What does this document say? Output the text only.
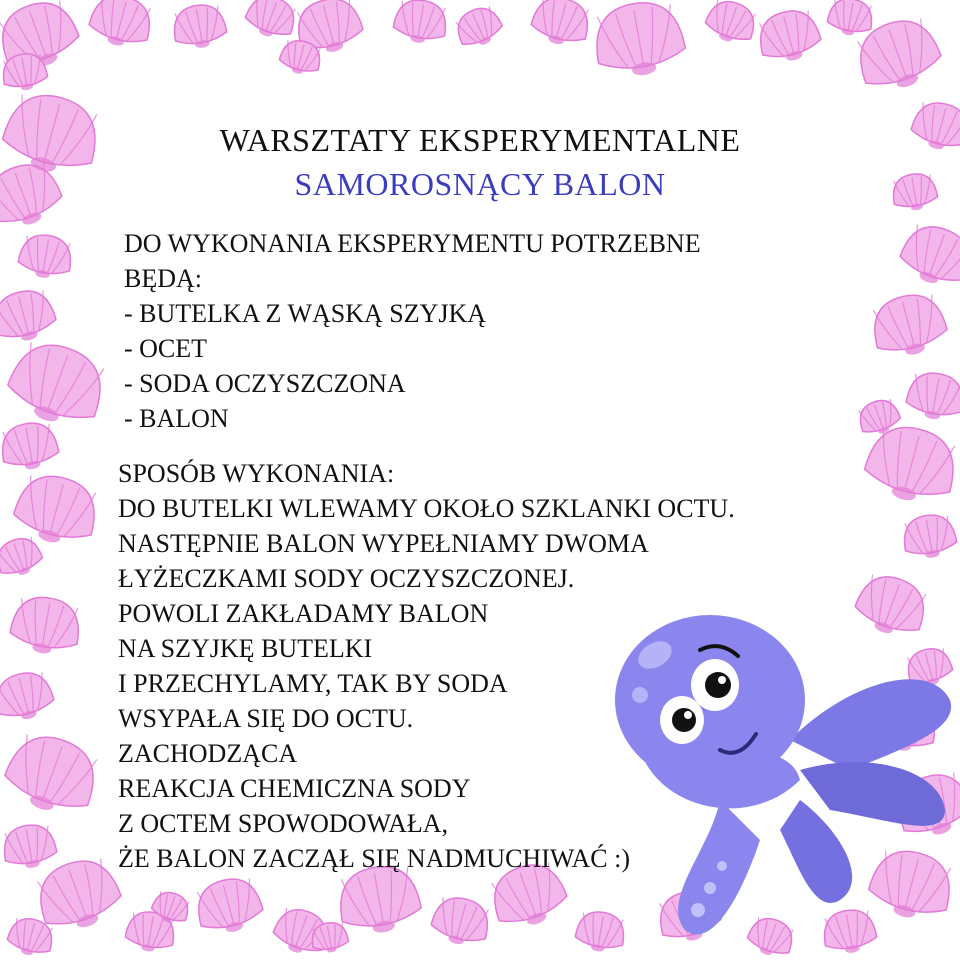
WARSZTATY EKSPERYMENTALNE
SAMOROSNĄCY BALON
DO WYKONANIA EKSPERYMENTU POTRZEBNE
BĘDĄ:
- BUTELKA Z WĄSKĄ SZYJKĄ
- OCET
- SODA OCZYSZCZONA
- BALON
SPOSÓB WYKONANIA:
DO BUTELKI WLEWAMY OKOŁO SZKLANKI OCTU.
NASTĘPNIE BALON WYPEŁNIAMY DWOMA
ŁYŻECZKAMI SODY OCZYSZCZONEJ.
POWOLI ZAKŁADAMY BALON
NA SZYJKĘ BUTELKI
I PRZECHYLAMY, TAK BY SODA
WSYPAŁA SIĘ DO OCTU.
ZACHODZĄCA
REAKCJA CHEMICZNA SODY
Z OCTEM SPOWODOWAŁA,
ŻE BALON ZACZĄŁ SIĘ NADMUCHIWAĆ :)
